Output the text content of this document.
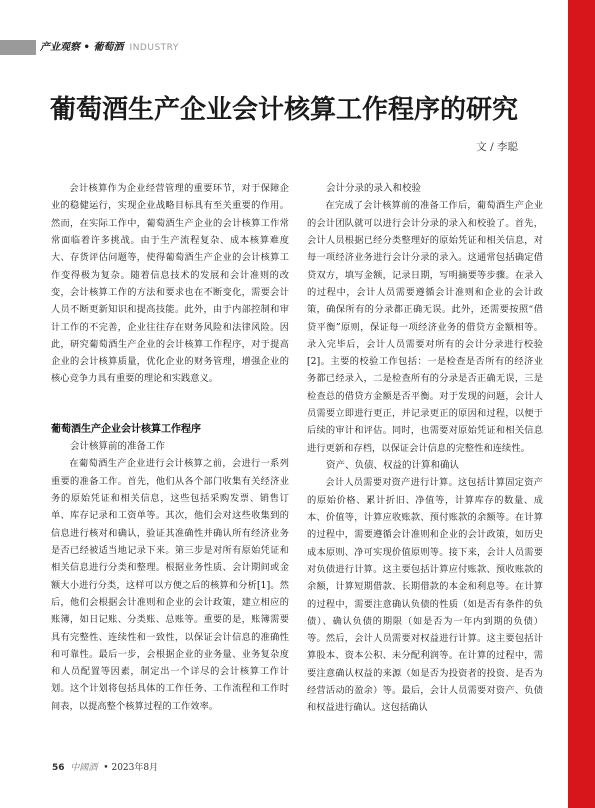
产业观察 • 葡萄酒 INDUSTRY
葡萄酒生产企业会计核算工作程序的研究
文 / 李聪

会计核算作为企业经营管理的重要环节，对于保障企业的稳健运行，实现企业战略目标具有至关重要的作用。然而，在实际工作中，葡萄酒生产企业的会计核算工作常常面临着许多挑战。由于生产流程复杂、成本核算难度大、存货评估问题等，使得葡萄酒生产企业的会计核算工作变得极为复杂。随着信息技术的发展和会计准则的改变，会计核算工作的方法和要求也在不断变化，需要会计人员不断更新知识和提高技能。此外，由于内部控制和审计工作的不完善，企业往往存在财务风险和法律风险。因此，研究葡萄酒生产企业的会计核算工作程序，对于提高企业的会计核算质量，优化企业的财务管理，增强企业的核心竞争力具有重要的理论和实践意义。

葡萄酒生产企业会计核算工作程序
会计核算前的准备工作

在葡萄酒生产企业进行会计核算之前，会进行一系列重要的准备工作。首先，他们从各个部门收集有关经济业务的原始凭证和相关信息，这些包括采购发票、销售订单、库存记录和工资单等。其次，他们会对这些收集到的信息进行核对和确认，验证其准确性并确认所有经济业务是否已经被适当地记录下来。第三步是对所有原始凭证和相关信息进行分类和整理。根据业务性质、会计期间或金额大小进行分类，这样可以方便之后的核算和分析[1]。然后，他们会根据会计准则和企业的会计政策，建立相应的账簿，如日记账、分类账、总账等。重要的是，账簿需要具有完整性、连续性和一致性，以保证会计信息的准确性和可靠性。最后一步，会根据企业的业务量、业务复杂度和人员配置等因素，制定出一个详尽的会计核算工作计划。这个计划将包括具体的工作任务、工作流程和工作时间表，以提高整个核算过程的工作效率。

会计分录的录入和校验

在完成了会计核算前的准备工作后，葡萄酒生产企业的会计团队就可以进行会计分录的录入和校验了。首先，会计人员根据已经分类整理好的原始凭证和相关信息，对每一项经济业务进行会计分录的录入。这通常包括确定借贷双方，填写金额，记录日期，写明摘要等步骤。在录入的过程中，会计人员需要遵循会计准则和企业的会计政策，确保所有的分录都正确无误。此外，还需要按照“借贷平衡”原则，保证每一项经济业务的借贷方金额相等。录入完毕后，会计人员需要对所有的会计分录进行校验[2]。主要的校验工作包括：一是检查是否所有的经济业务都已经录入，二是检查所有的分录是否正确无误，三是检查总的借贷方金额是否平衡。对于发现的问题，会计人员需要立即进行更正，并记录更正的原因和过程，以便于后续的审计和评估。同时，也需要对原始凭证和相关信息进行更新和存档，以保证会计信息的完整性和连续性。

资产、负债、权益的计算和确认

会计人员需要对资产进行计算。这包括计算固定资产的原始价格、累计折旧、净值等，计算库存的数量、成本、价值等，计算应收账款、预付账款的余额等。在计算的过程中，需要遵循会计准则和企业的会计政策，如历史成本原则、净可实现价值原则等。接下来，会计人员需要对负债进行计算。这主要包括计算应付账款、预收账款的余额，计算短期借款、长期借款的本金和利息等。在计算的过程中，需要注意确认负债的性质（如是否有条件的负债）、确认负债的期限（如是否为一年内到期的负债）等。然后，会计人员需要对权益进行计算。这主要包括计算股本、资本公积、未分配利润等。在计算的过程中，需要注意确认权益的来源（如是否为投资者的投资、是否为经营活动的盈余）等。最后，会计人员需要对资产、负债和权益进行确认。这包括确认

56 中國酒 • 2023年8月
